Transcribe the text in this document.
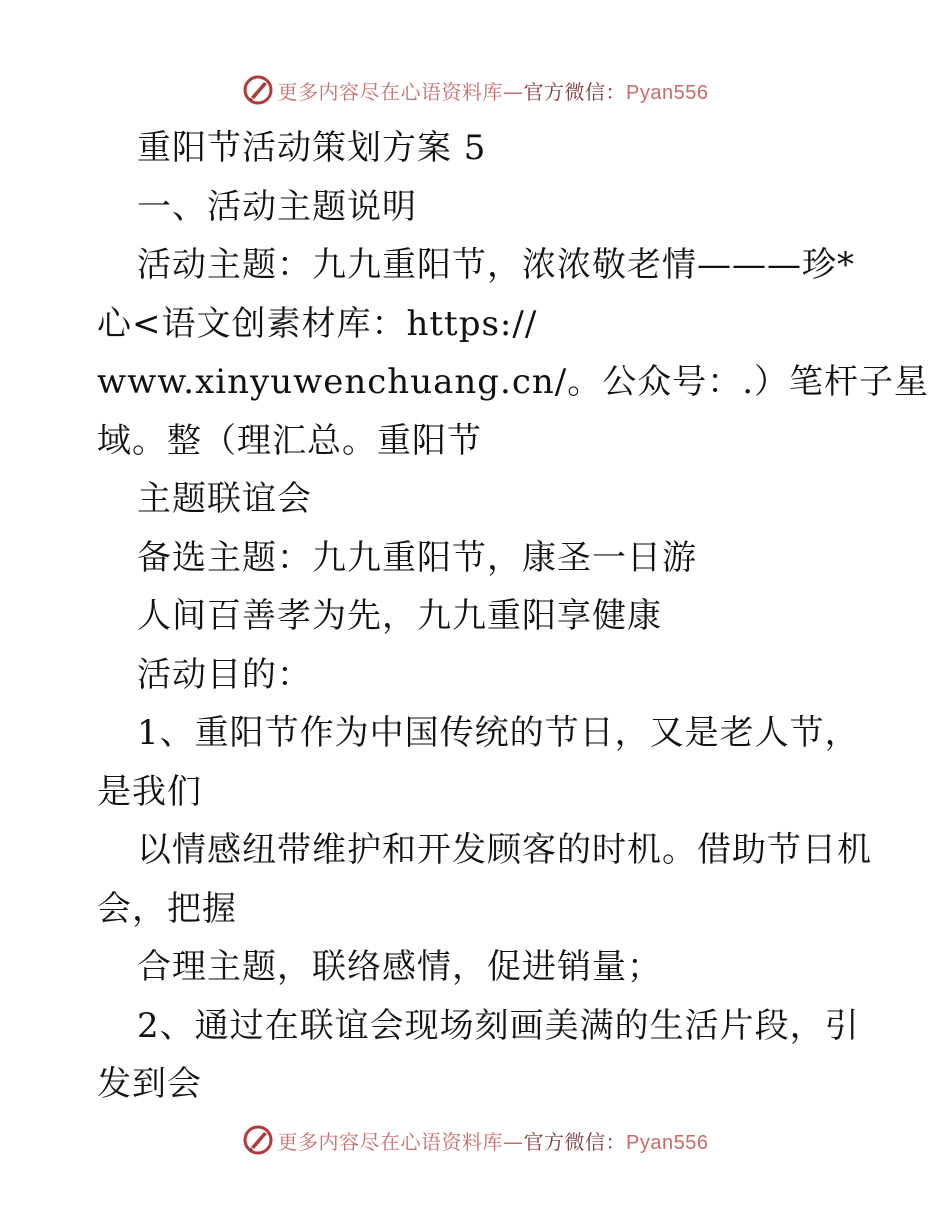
更多内容尽在心语资料库—官方微信：Pyan556
重阳节活动策划方案 5
一、活动主题说明
活动主题：九九重阳节，浓浓敬老情———珍*
心<语文创素材库：https://
www.xinyuwenchuang.cn/。公众号：.）笔杆子星
域。整（理汇总。重阳节
主题联谊会
备选主题：九九重阳节，康圣一日游
人间百善孝为先，九九重阳享健康
活动目的：
1、重阳节作为中国传统的节日，又是老人节，
是我们
以情感纽带维护和开发顾客的时机。借助节日机
会，把握
合理主题，联络感情，促进销量；
2、通过在联谊会现场刻画美满的生活片段，引
发到会
更多内容尽在心语资料库—官方微信：Pyan556
